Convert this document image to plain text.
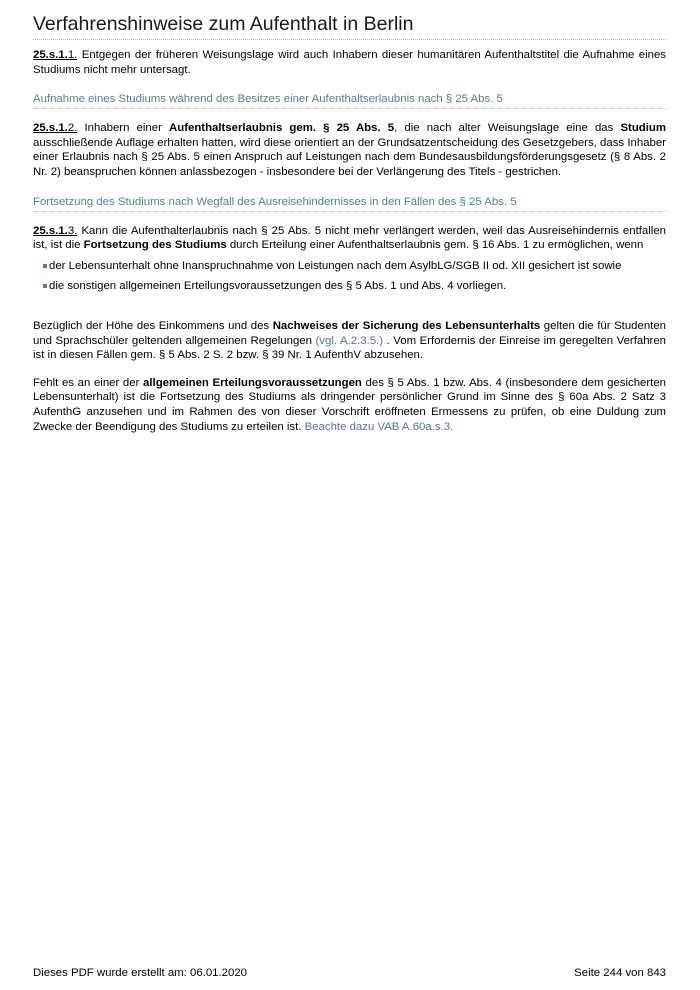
Verfahrenshinweise zum Aufenthalt in Berlin

25.s.1.1. Entgegen der früheren Weisungslage wird auch Inhabern dieser humanitären Aufenthaltstitel die Aufnahme eines Studiums nicht mehr untersagt.

Aufnahme eines Studiums während des Besitzes einer Aufenthaltserlaubnis nach § 25 Abs. 5

25.s.1.2. Inhabern einer Aufenthaltserlaubnis gem. § 25 Abs. 5, die nach alter Weisungslage eine das Studium ausschließende Auflage erhalten hatten, wird diese orientiert an der Grundsatzentscheidung des Gesetzgebers, dass Inhaber einer Erlaubnis nach § 25 Abs. 5 einen Anspruch auf Leistungen nach dem Bundesausbildungsförderungsgesetz (§ 8 Abs. 2 Nr. 2) beanspruchen können anlassbezogen - insbesondere bei der Verlängerung des Titels - gestrichen.

Fortsetzung des Studiums nach Wegfall des Ausreisehindernisses in den Fällen des § 25 Abs. 5

25.s.1.3. Kann die Aufenthalterlaubnis nach § 25 Abs. 5 nicht mehr verlängert werden, weil das Ausreisehindernis entfallen ist, ist die Fortsetzung des Studiums durch Erteilung einer Aufenthaltserlaubnis gem. § 16 Abs. 1 zu ermöglichen, wenn

der Lebensunterhalt ohne Inanspruchnahme von Leistungen nach dem AsylbLG/SGB II od. XII gesichert ist sowie
die sonstigen allgemeinen Erteilungsvoraussetzungen des § 5 Abs. 1 und Abs. 4 vorliegen.

Bezüglich der Höhe des Einkommens und des Nachweises der Sicherung des Lebensunterhalts gelten die für Studenten und Sprachschüler geltenden allgemeinen Regelungen (vgl. A.2.3.5.) . Vom Erfordernis der Einreise im geregelten Verfahren ist in diesen Fällen gem. § 5 Abs. 2 S. 2 bzw. § 39 Nr. 1 AufenthV abzusehen.

Fehlt es an einer der allgemeinen Erteilungsvoraussetzungen des § 5 Abs. 1 bzw. Abs. 4 (insbesondere dem gesicherten Lebensunterhalt) ist die Fortsetzung des Studiums als dringender persönlicher Grund im Sinne des § 60a Abs. 2 Satz 3 AufenthG anzusehen und im Rahmen des von dieser Vorschrift eröffneten Ermessens zu prüfen, ob eine Duldung zum Zwecke der Beendigung des Studiums zu erteilen ist. Beachte dazu VAB A.60a.s.3.

Dieses PDF wurde erstellt am: 06.01.2020	Seite 244 von 843
